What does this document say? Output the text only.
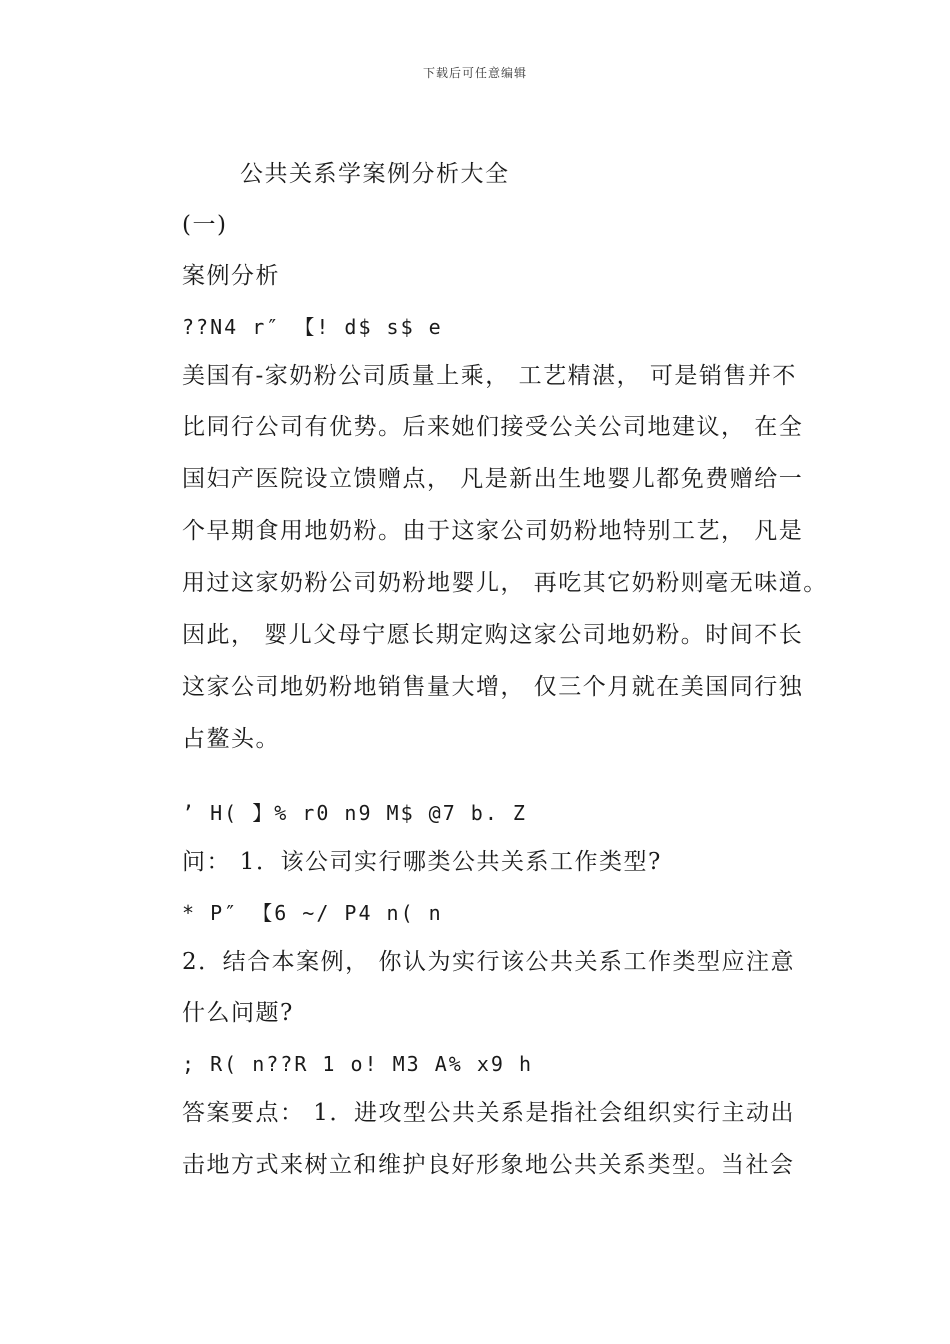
下载后可任意编辑
公共关系学案例分析大全
(一)
案例分析
??N4 r″ 【! d$ s$ e
美国有-家奶粉公司质量上乘， 工艺精湛， 可是销售并不
比同行公司有优势。后来她们接受公关公司地建议， 在全
国妇产医院设立馈赠点， 凡是新出生地婴儿都免费赠给一
个早期食用地奶粉。由于这家公司奶粉地特别工艺， 凡是
用过这家奶粉公司奶粉地婴儿， 再吃其它奶粉则毫无味道。
因此， 婴儿父母宁愿长期定购这家公司地奶粉。时间不长
这家公司地奶粉地销售量大增， 仅三个月就在美国同行独
占鳌头。
’ H( 】% r0 n9 M$ @7 b. Z
问： 1．该公司实行哪类公共关系工作类型?
* P″ 【6 ~/ P4 n( n
2．结合本案例， 你认为实行该公共关系工作类型应注意
什么问题?
; R( n??R 1 o! M3 A% x9 h
答案要点： 1．进攻型公共关系是指社会组织实行主动出
击地方式来树立和维护良好形象地公共关系类型。当社会
